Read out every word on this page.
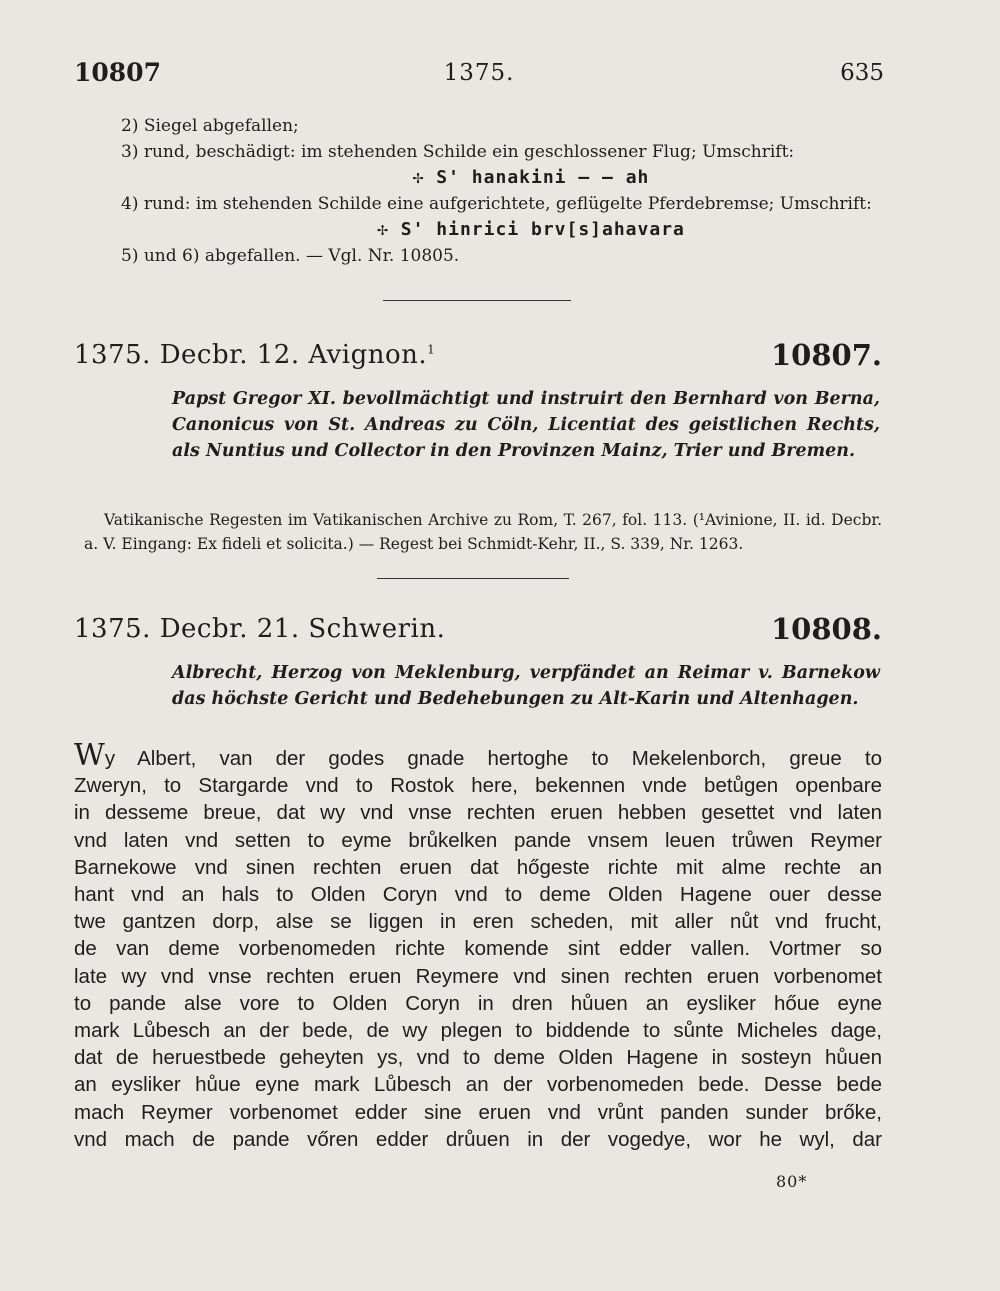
10807	1375.	635
2) Siegel abgefallen;
3) rund, beschädigt: im stehenden Schilde ein geschlossener Flug; Umschrift:
✢ S' hanakini — — ah
4) rund: im stehenden Schilde eine aufgerichtete, geflügelte Pferdebremse; Umschrift:
✢ S' hinrici brv[s]ahavara
5) und 6) abgefallen. — Vgl. Nr. 10805.
1375. Decbr. 12. Avignon.$^1$	10807.
Papst Gregor XI. bevollmächtigt und instruirt den Bernhard von Berna, Canonicus von St. Andreas zu Cöln, Licentiat des geistlichen Rechts, als Nuntius und Collector in den Provinzen Mainz, Trier und Bremen.
Vatikanische Regesten im Vatikanischen Archive zu Rom, T. 267, fol. 113. (¹Avinione, II. id. Decbr. a. V. Eingang: Ex fideli et solicita.) — Regest bei Schmidt-Kehr, II., S. 339, Nr. 1263.
1375. Decbr. 21. Schwerin.	10808.
Albrecht, Herzog von Meklenburg, verpfändet an Reimar v. Barnekow das höchste Gericht und Bedehebungen zu Alt-Karin und Altenhagen.
Wy Albert, van der godes gnade hertoghe to Mekelenborch, greue to
Zweryn, to Stargarde vnd to Rostok here, bekennen vnde betůgen openbare
in desseme breue, dat wy vnd vnse rechten eruen hebben gesettet vnd laten
vnd laten vnd setten to eyme brůkelken pande vnsem leuen trůwen Reymer
Barnekowe vnd sinen rechten eruen dat hőgeste richte mit alme rechte an
hant vnd an hals to Olden Coryn vnd to deme Olden Hagene ouer desse
twe gantzen dorp, alse se liggen in eren scheden, mit aller nůt vnd frucht,
de van deme vorbenomeden richte komende sint edder vallen. Vortmer so
late wy vnd vnse rechten eruen Reymere vnd sinen rechten eruen vorbenomet
to pande alse vore to Olden Coryn in dren hůuen an eysliker hőue eyne
mark Lůbesch an der bede, de wy plegen to biddende to sůnte Micheles dage,
dat de heruestbede geheyten ys, vnd to deme Olden Hagene in sosteyn hůuen
an eysliker hůue eyne mark Lůbesch an der vorbenomeden bede. Desse bede
mach Reymer vorbenomet edder sine eruen vnd vrůnt panden sunder brőke,
vnd mach de pande vőren edder drůuen in der vogedye, wor he wyl, dar
80*
